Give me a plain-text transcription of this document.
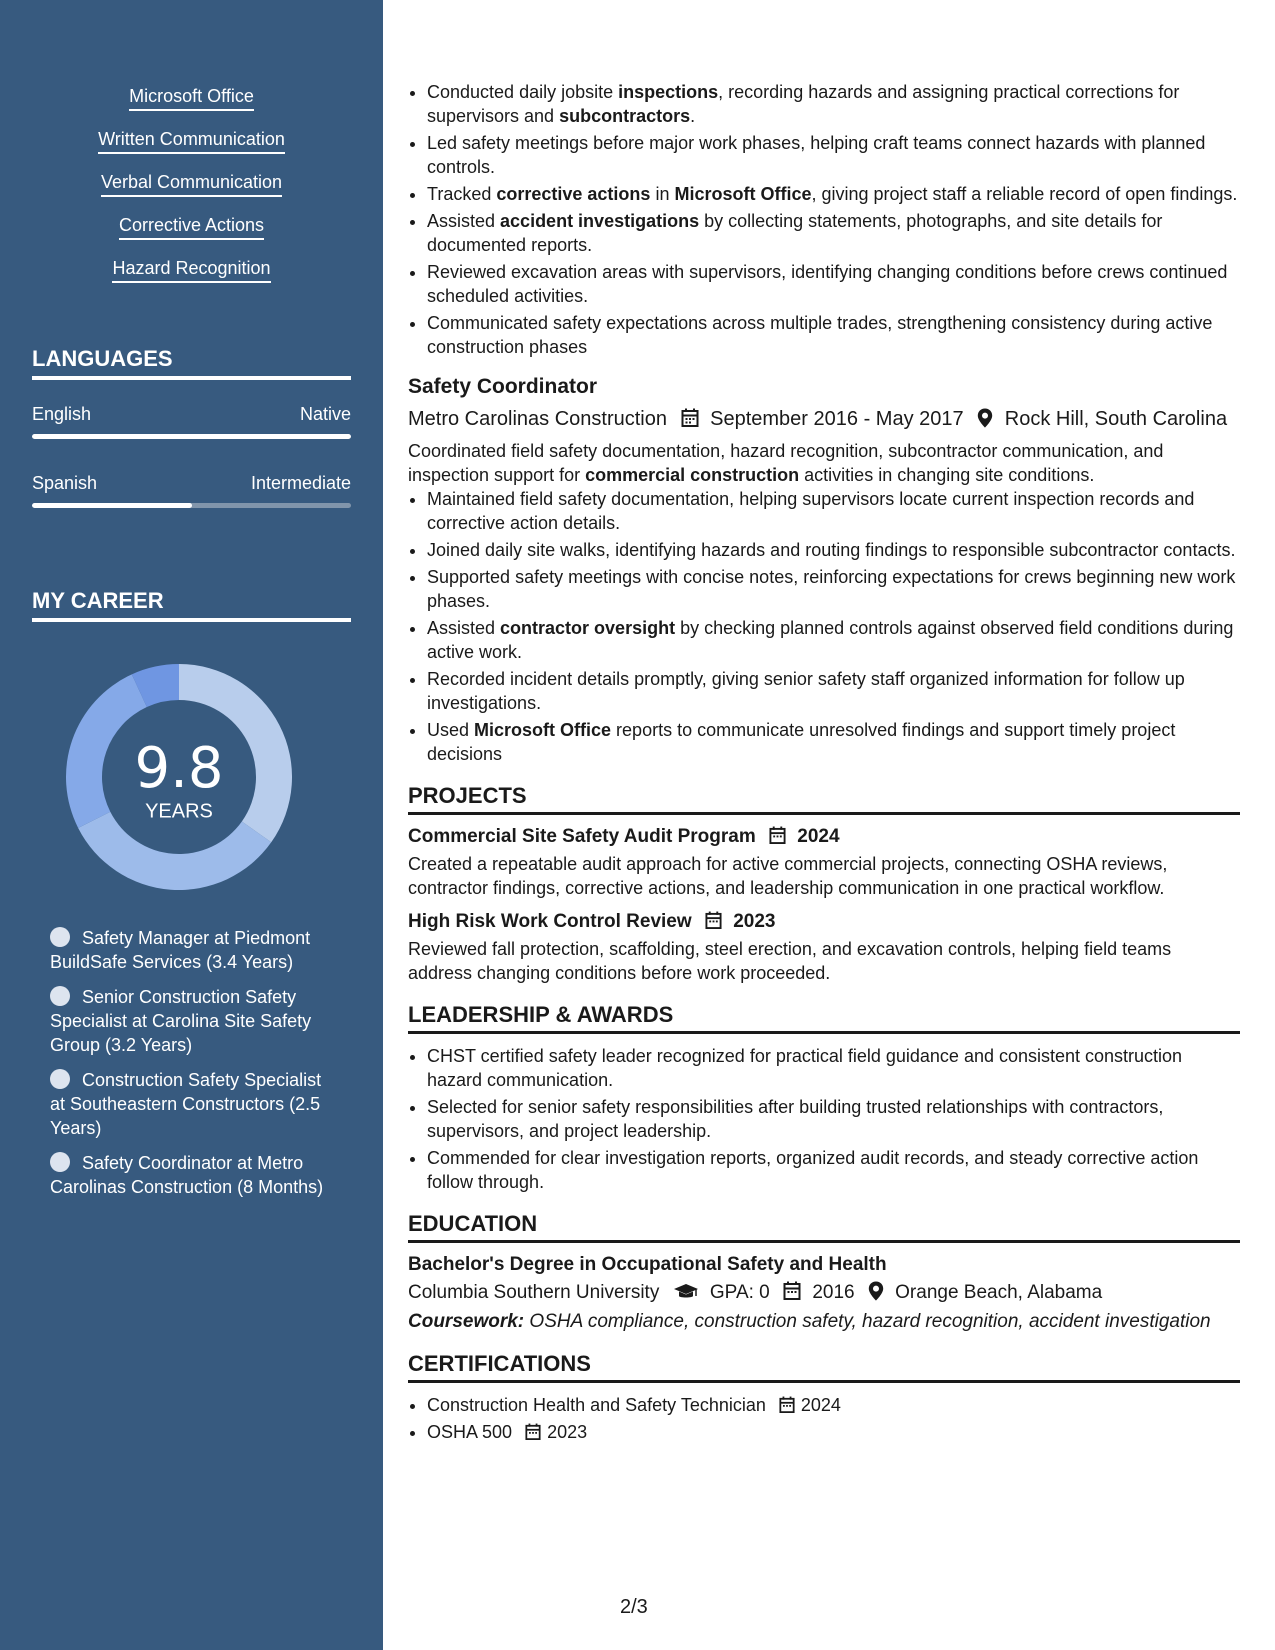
Microsoft Office
Written Communication
Verbal Communication
Corrective Actions
Hazard Recognition
LANGUAGES
English	Native
Spanish	Intermediate
MY CAREER
9.8
YEARS
Safety Manager at Piedmont BuildSafe Services (3.4 Years)
Senior Construction Safety Specialist at Carolina Site Safety Group (3.2 Years)
Construction Safety Specialist at Southeastern Constructors (2.5 Years)
Safety Coordinator at Metro Carolinas Construction (8 Months)
• Conducted daily jobsite inspections, recording hazards and assigning practical corrections for supervisors and subcontractors.
• Led safety meetings before major work phases, helping craft teams connect hazards with planned controls.
• Tracked corrective actions in Microsoft Office, giving project staff a reliable record of open findings.
• Assisted accident investigations by collecting statements, photographs, and site details for documented reports.
• Reviewed excavation areas with supervisors, identifying changing conditions before crews continued scheduled activities.
• Communicated safety expectations across multiple trades, strengthening consistency during active construction phases
Safety Coordinator
Metro Carolinas Construction September 2016 - May 2017 Rock Hill, South Carolina
Coordinated field safety documentation, hazard recognition, subcontractor communication, and inspection support for commercial construction activities in changing site conditions.
• Maintained field safety documentation, helping supervisors locate current inspection records and corrective action details.
• Joined daily site walks, identifying hazards and routing findings to responsible subcontractor contacts.
• Supported safety meetings with concise notes, reinforcing expectations for crews beginning new work phases.
• Assisted contractor oversight by checking planned controls against observed field conditions during active work.
• Recorded incident details promptly, giving senior safety staff organized information for follow up investigations.
• Used Microsoft Office reports to communicate unresolved findings and support timely project decisions
PROJECTS
Commercial Site Safety Audit Program 2024
Created a repeatable audit approach for active commercial projects, connecting OSHA reviews, contractor findings, corrective actions, and leadership communication in one practical workflow.
High Risk Work Control Review 2023
Reviewed fall protection, scaffolding, steel erection, and excavation controls, helping field teams address changing conditions before work proceeded.
LEADERSHIP & AWARDS
• CHST certified safety leader recognized for practical field guidance and consistent construction hazard communication.
• Selected for senior safety responsibilities after building trusted relationships with contractors, supervisors, and project leadership.
• Commended for clear investigation reports, organized audit records, and steady corrective action follow through.
EDUCATION
Bachelor's Degree in Occupational Safety and Health
Columbia Southern University	GPA: 0 2016 Orange Beach, Alabama
Coursework: OSHA compliance, construction safety, hazard recognition, accident investigation
CERTIFICATIONS
• Construction Health and Safety Technician 2024
• OSHA 500 2023
2/3
